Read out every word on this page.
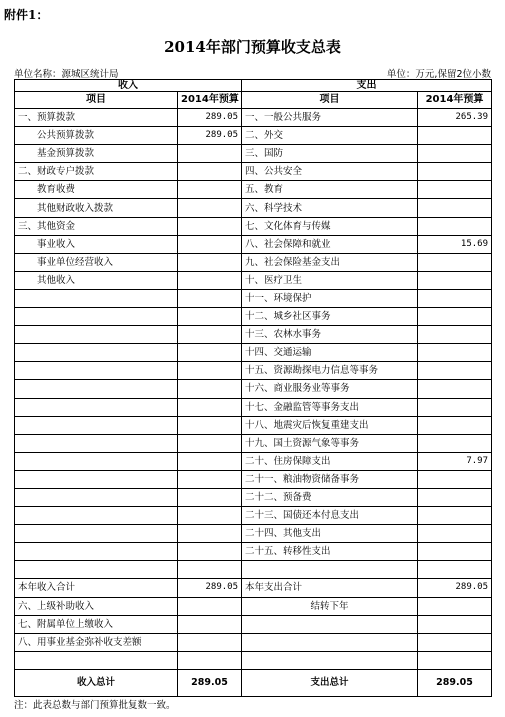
附件1：
2014年部门预算收支总表
单位名称：源城区统计局	单位：万元,保留2位小数
收入		支出	
项目	2014年预算	项目	2014年预算
一、预算拨款	289.05	一、一般公共服务	265.39
公共预算拨款	289.05	二、外交	
基金预算拨款		三、国防	
二、财政专户拨款		四、公共安全	
教育收费		五、教育	
其他财政收入拨款		六、科学技术	
三、其他资金		七、文化体育与传媒	
事业收入		八、社会保障和就业	15.69
事业单位经营收入		九、社会保险基金支出	
其他收入		十、医疗卫生	
		十一、环境保护	
		十二、城乡社区事务	
		十三、农林水事务	
		十四、交通运输	
		十五、资源勘探电力信息等事务	
		十六、商业服务业等事务	
		十七、金融监管等事务支出	
		十八、地震灾后恢复重建支出	
		十九、国土资源气象等事务	
		二十、住房保障支出	7.97
		二十一、粮油物资储备事务	
		二十二、预备费	
		二十三、国债还本付息支出	
		二十四、其他支出	
		二十五、转移性支出	

本年收入合计	289.05	本年支出合计	289.05
六、上级补助收入		结转下年	
七、附属单位上缴收入			
八、用事业基金弥补收支差额			

收入总计	289.05	支出总计	289.05
注：此表总数与部门预算批复数一致。
